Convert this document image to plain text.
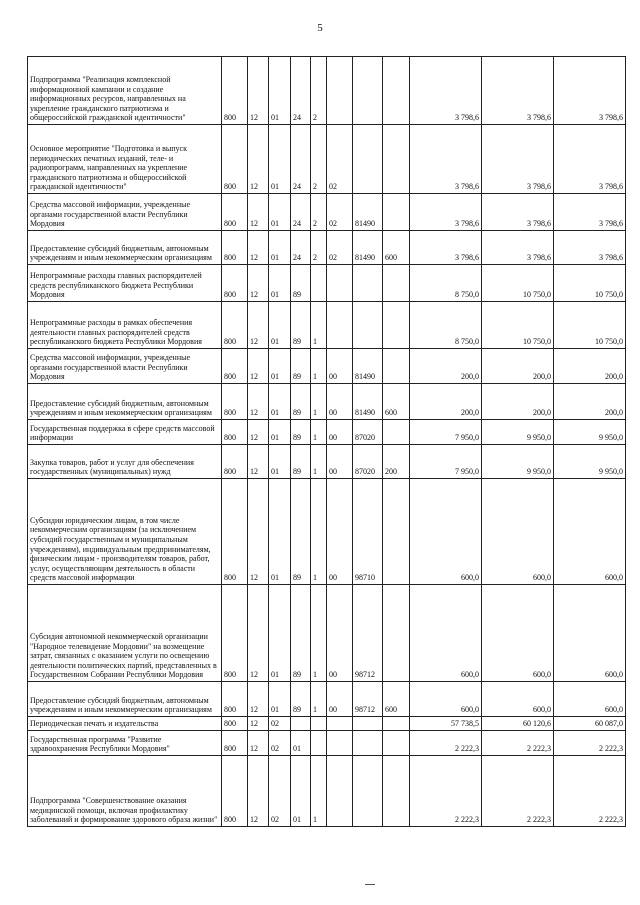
5
Подпрограмма "Реализация комплексной информационной кампании и создание информационных ресурсов, направленных на укрепление гражданского патриотизма и общероссийской гражданской идентичности"	800	12	01	24	2				3 798,6	3 798,6	3 798,6
Основное мероприятие "Подготовка и выпуск периодических печатных изданий, теле- и радиопрограмм, направленных на укрепление гражданского патриотизма и общероссийской гражданской идентичности"	800	12	01	24	2	02			3 798,6	3 798,6	3 798,6
Средства массовой информации, учрежденные органами государственной власти Республики Мордовия	800	12	01	24	2	02	81490		3 798,6	3 798,6	3 798,6
Предоставление субсидий бюджетным, автономным учреждениям и иным некоммерческим организациям	800	12	01	24	2	02	81490	600	3 798,6	3 798,6	3 798,6
Непрограммные расходы главных распорядителей средств республиканского бюджета Республики Мордовия	800	12	01	89					8 750,0	10 750,0	10 750,0
Непрограммные расходы в рамках обеспечения деятельности главных распорядителей средств республиканского бюджета Республики Мордовия	800	12	01	89	1				8 750,0	10 750,0	10 750,0
Средства массовой информации, учрежденные органами государственной власти Республики Мордовия	800	12	01	89	1	00	81490		200,0	200,0	200,0
Предоставление субсидий бюджетным, автономным учреждениям и иным некоммерческим организациям	800	12	01	89	1	00	81490	600	200,0	200,0	200,0
Государственная поддержка в сфере средств массовой информации	800	12	01	89	1	00	87020		7 950,0	9 950,0	9 950,0
Закупка товаров, работ и услуг для обеспечения государственных (муниципальных) нужд	800	12	01	89	1	00	87020	200	7 950,0	9 950,0	9 950,0
Субсидии юридическим лицам, в том числе некоммерческим организациям (за исключением субсидий государственным и муниципальным учреждениям), индивидуальным предпринимателям, физическим лицам - производителям товаров, работ, услуг, осуществляющим деятельность в области средств массовой информации	800	12	01	89	1	00	98710		600,0	600,0	600,0
Субсидия автономной некоммерческой организации "Народное телевидение Мордовии" на возмещение затрат, связанных с оказанием услуги по освещению деятельности политических партий, представленных в Государственном Собрании Республики Мордовия	800	12	01	89	1	00	98712		600,0	600,0	600,0
Предоставление субсидий бюджетным, автономным учреждениям и иным некоммерческим организациям	800	12	01	89	1	00	98712	600	600,0	600,0	600,0
Периодическая печать и издательства	800	12	02						57 738,5	60 120,6	60 087,0
Государственная программа "Развитие здравоохранения Республики Мордовия"	800	12	02	01					2 222,3	2 222,3	2 222,3
Подпрограмма "Совершенствование оказания медицинской помощи, включая профилактику заболеваний и формирование здорового образа жизни"	800	12	02	01	1				2 222,3	2 222,3	2 222,3
